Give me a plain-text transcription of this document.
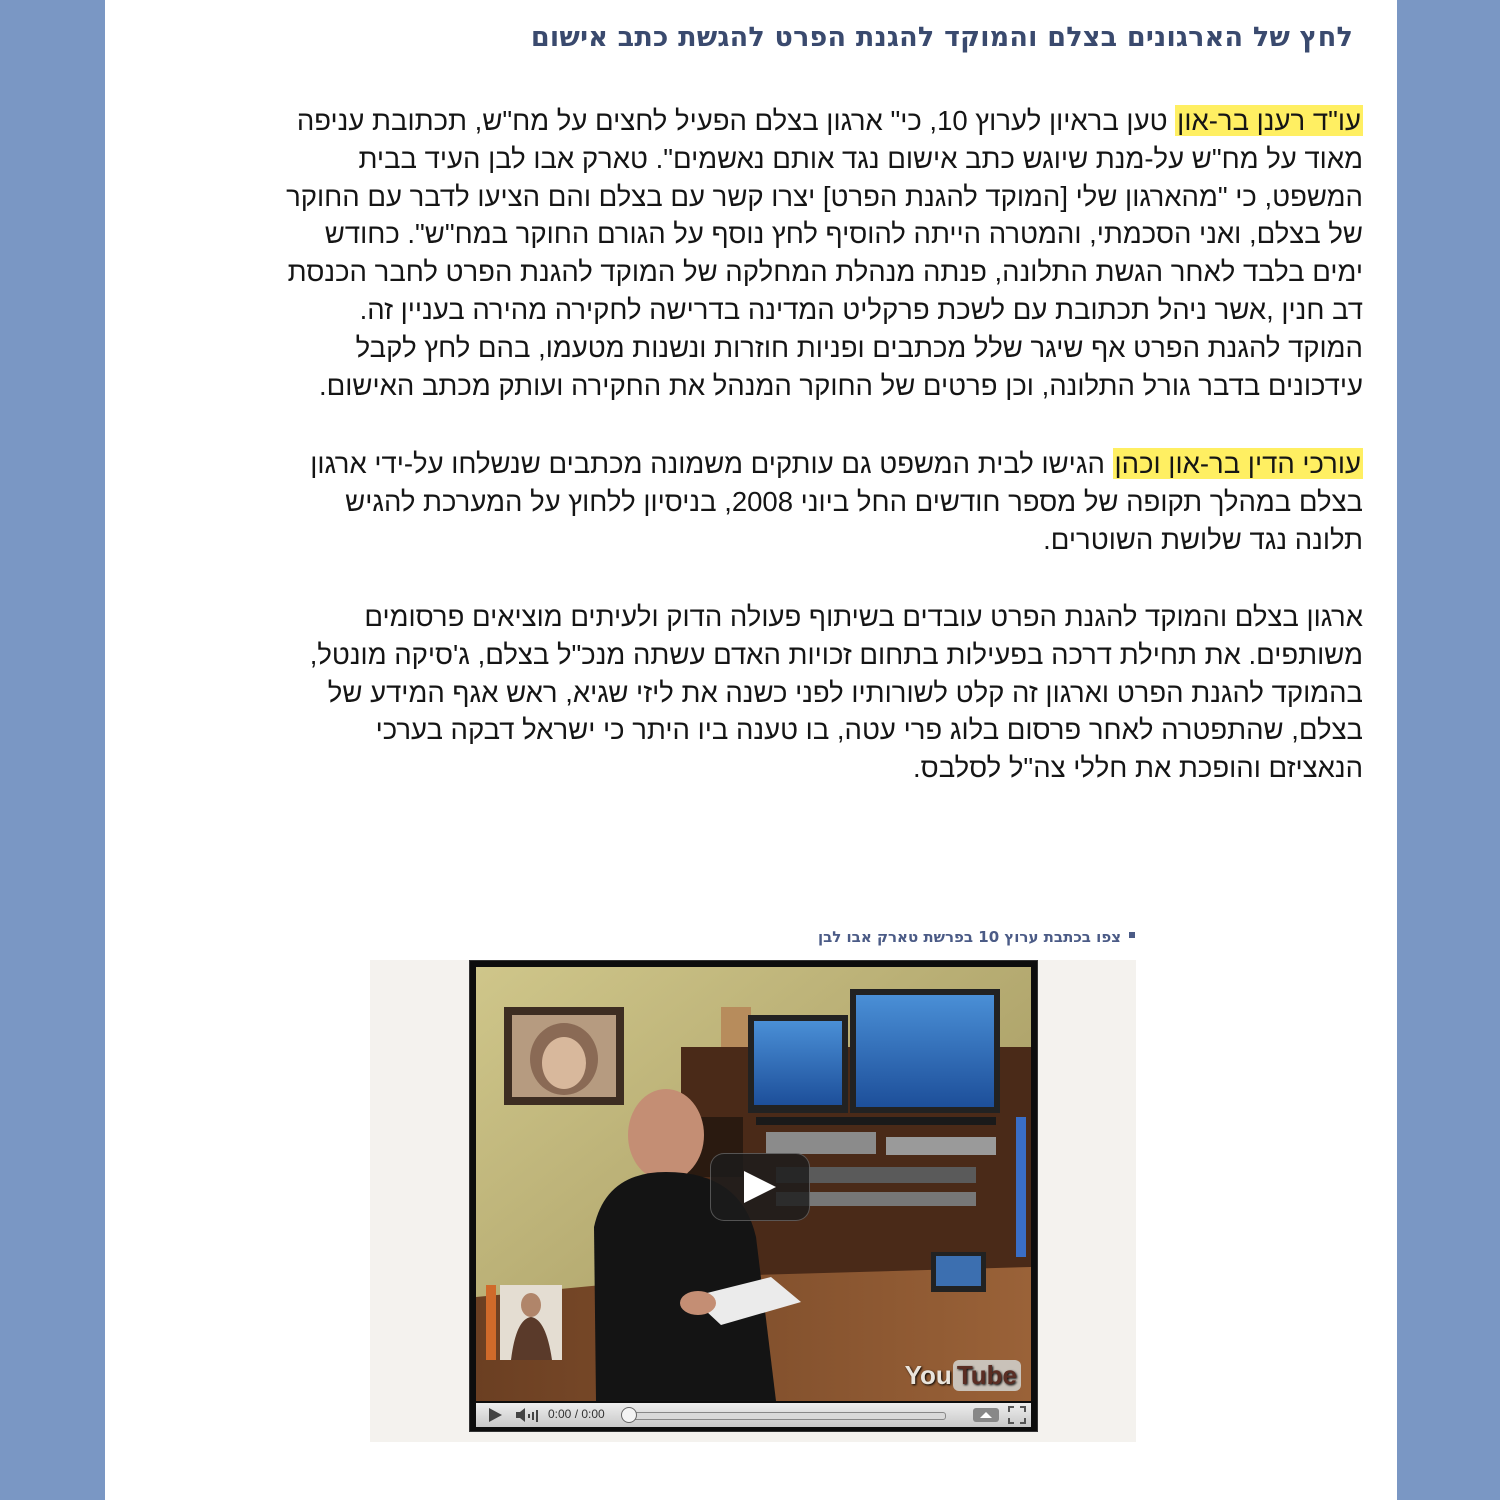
לחץ של הארגונים בצלם והמוקד להגנת הפרט להגשת כתב אישום
עו"ד רענן בר-און טען בראיון לערוץ 10, כי" ארגון בצלם הפעיל לחצים על מח"ש, תכתובת עניפה
מאוד על מח"ש על-מנת שיוגש כתב אישום נגד אותם נאשמים". טארק אבו לבן העיד בבית
המשפט, כי "מהארגון שלי [המוקד להגנת הפרט] יצרו קשר עם בצלם והם הציעו לדבר עם החוקר
של בצלם, ואני הסכמתי, והמטרה הייתה להוסיף לחץ נוסף על הגורם החוקר במח"ש". כחודש
ימים בלבד לאחר הגשת התלונה, פנתה מנהלת המחלקה של המוקד להגנת הפרט לחבר הכנסת
דב חנין ,אשר ניהל תכתובת עם לשכת פרקליט המדינה בדרישה לחקירה מהירה בעניין זה.
המוקד להגנת הפרט אף שיגר שלל מכתבים ופניות חוזרות ונשנות מטעמו, בהם לחץ לקבל
עידכונים בדבר גורל התלונה, וכן פרטים של החוקר המנהל את החקירה ועותק מכתב האישום.
עורכי הדין בר-און וכהן הגישו לבית המשפט גם עותקים משמונה מכתבים שנשלחו על-ידי ארגון
בצלם במהלך תקופה של מספר חודשים החל ביוני 2008, בניסיון ללחוץ על המערכת להגיש
תלונה נגד שלושת השוטרים.
ארגון בצלם והמוקד להגנת הפרט עובדים בשיתוף פעולה הדוק ולעיתים מוציאים פרסומים
משותפים. את תחילת דרכה בפעילות בתחום זכויות האדם עשתה מנכ"ל בצלם, ג'סיקה מונטל,
בהמוקד להגנת הפרט וארגון זה קלט לשורותיו לפני כשנה את ליזי שגיא, ראש אגף המידע של
בצלם, שהתפטרה לאחר פרסום בלוג פרי עטה, בו טענה ביו היתר כי ישראל דבקה בערכי
הנאציזם והופכת את חללי צה"ל לסלבס.
צפו בכתבת ערוץ 10 בפרשת טארק אבו לבן
You Tube
0:00 / 0:00
